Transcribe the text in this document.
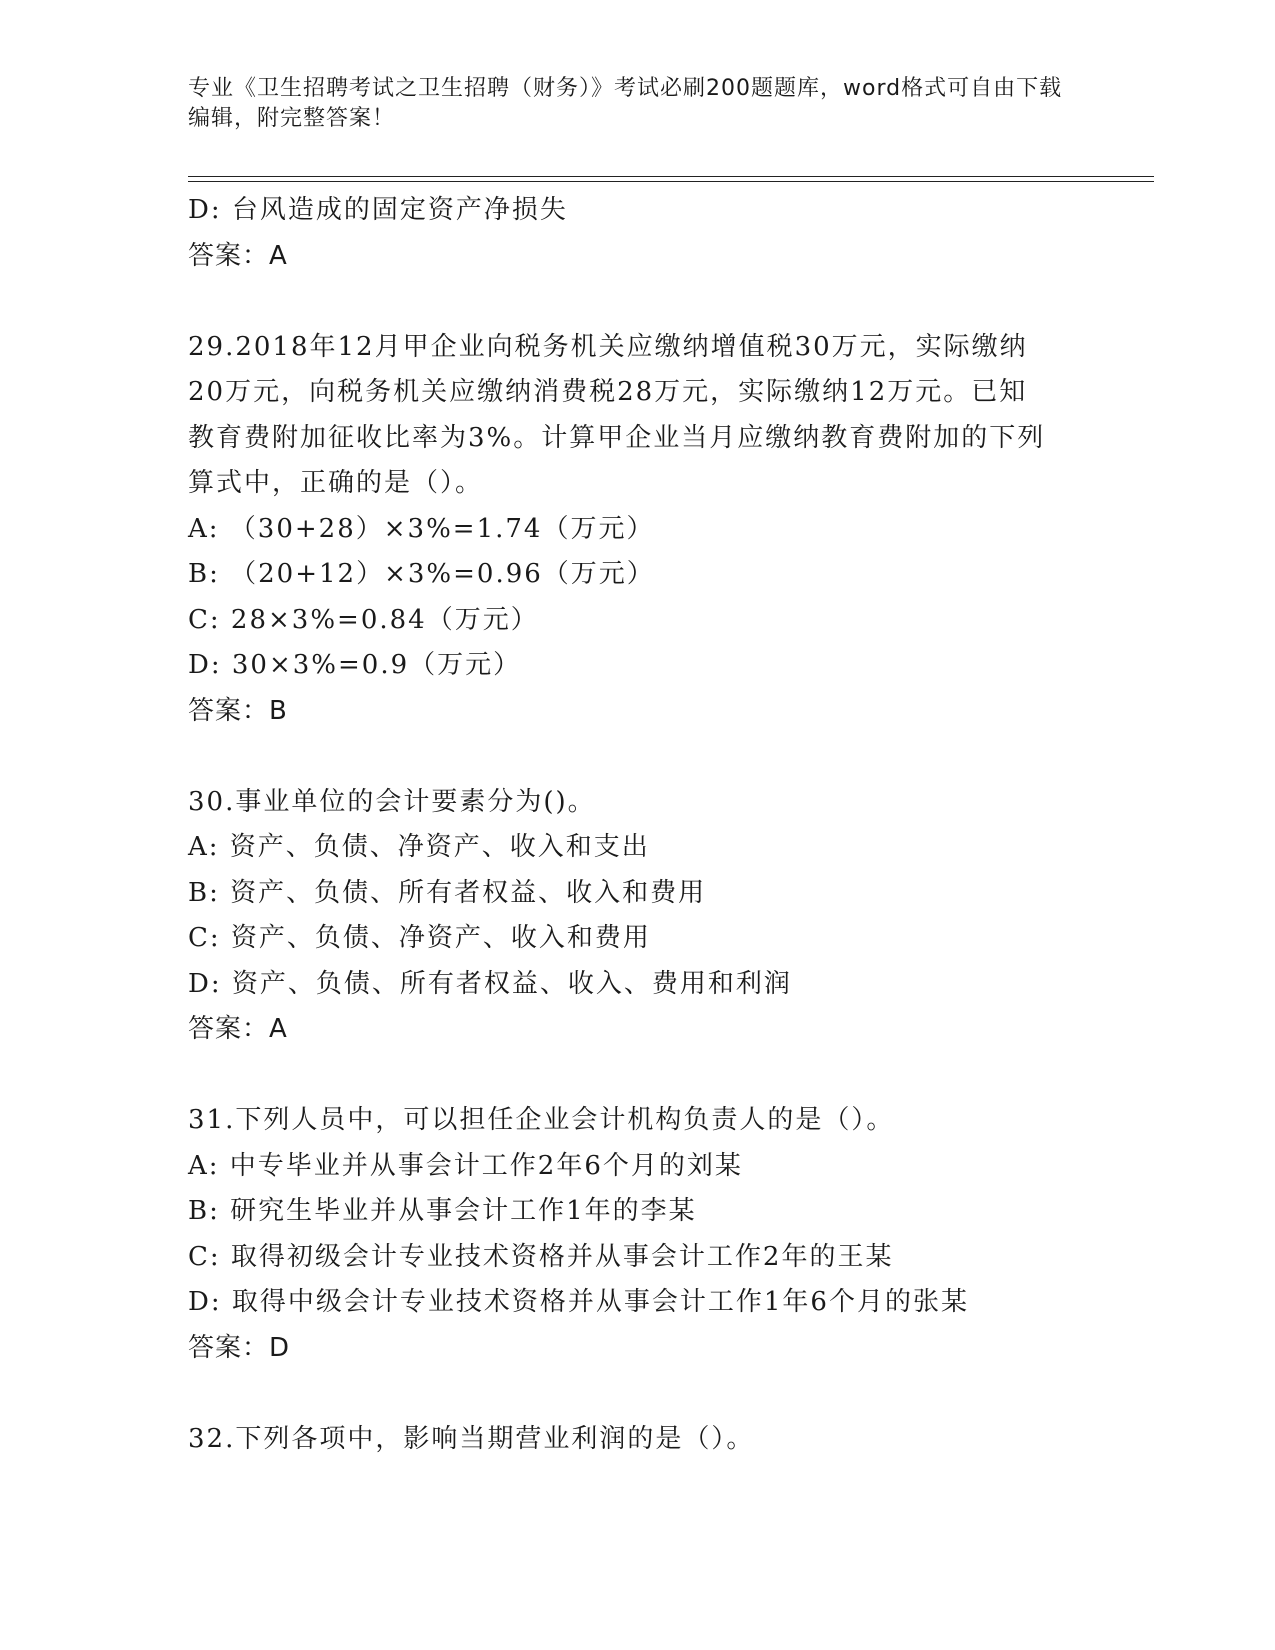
专业《卫生招聘考试之卫生招聘（财务）》考试必刷200题题库，word格式可自由下载编辑，附完整答案！
D: 台风造成的固定资产净损失
答案：A
29.2018年12月甲企业向税务机关应缴纳增值税30万元，实际缴纳
20万元，向税务机关应缴纳消费税28万元，实际缴纳12万元。已知
教育费附加征收比率为3%。计算甲企业当月应缴纳教育费附加的下列
算式中，正确的是（）。
A: （30+28）×3%=1.74（万元）
B: （20+12）×3%=0.96（万元）
C: 28×3%=0.84（万元）
D: 30×3%=0.9（万元）
答案：B
30.事业单位的会计要素分为()。
A: 资产、负债、净资产、收入和支出
B: 资产、负债、所有者权益、收入和费用
C: 资产、负债、净资产、收入和费用
D: 资产、负债、所有者权益、收入、费用和利润
答案：A
31.下列人员中，可以担任企业会计机构负责人的是（）。
A: 中专毕业并从事会计工作2年6个月的刘某
B: 研究生毕业并从事会计工作1年的李某
C: 取得初级会计专业技术资格并从事会计工作2年的王某
D: 取得中级会计专业技术资格并从事会计工作1年6个月的张某
答案：D
32.下列各项中，影响当期营业利润的是（）。
